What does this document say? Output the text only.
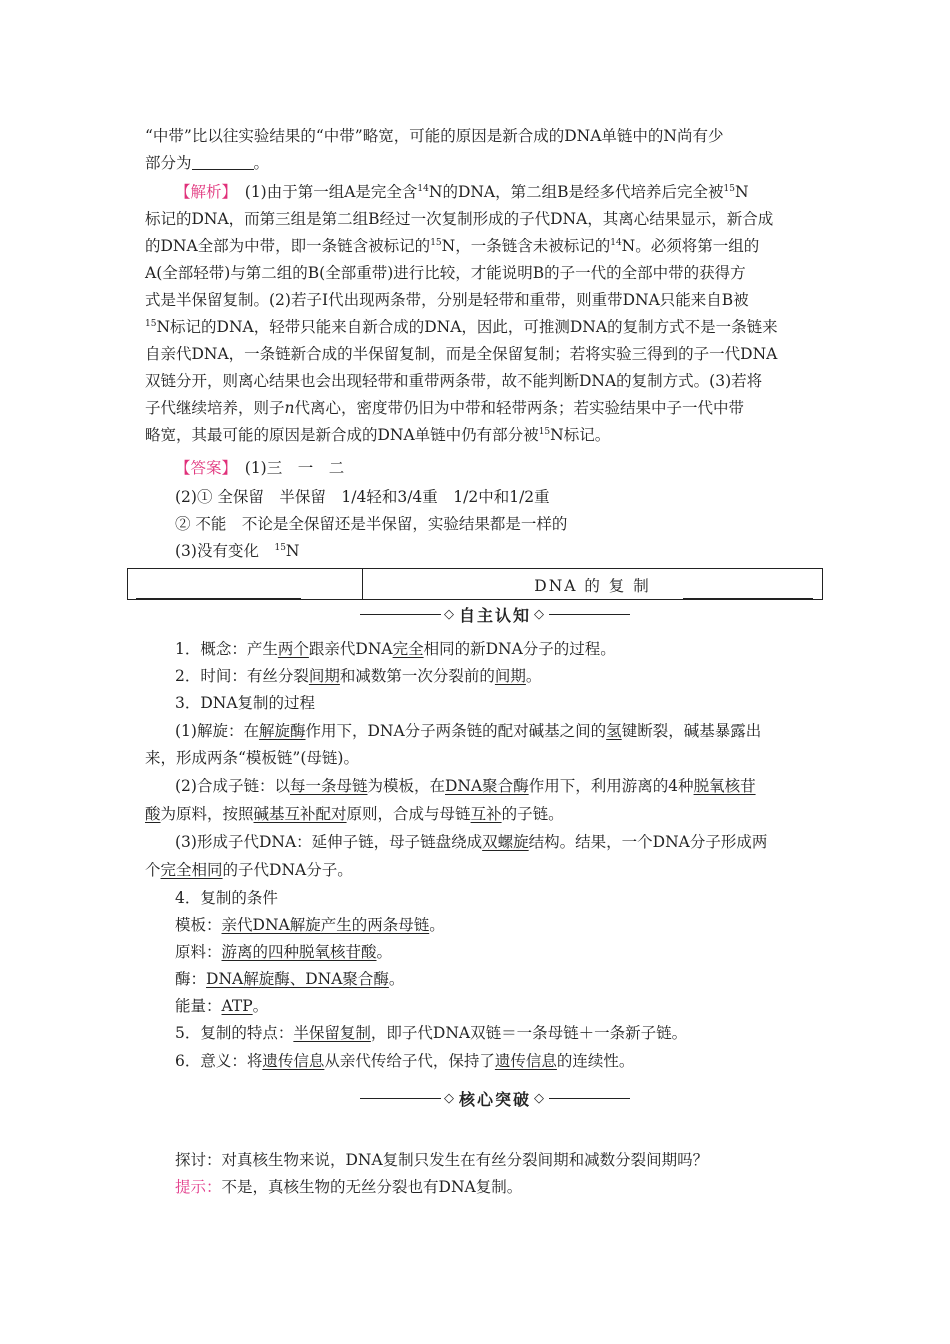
“中带”比以往实验结果的“中带”略宽，可能的原因是新合成的DNA单链中的N尚有少
部分为	。
【解析】　(1)由于第一组A是完全含$^{14}$N的DNA，第二组B是经多代培养后完全被$^{15}$N
标记的DNA，而第三组是第二组B经过一次复制形成的子代DNA，其离心结果显示，新合成
的DNA全部为中带，即一条链含被标记的$^{15}$N，一条链含未被标记的$^{14}$N。必须将第一组的
A(全部轻带)与第二组的B(全部重带)进行比较，才能说明B的子一代的全部中带的获得方
式是半保留复制。(2)若子Ⅰ代出现两条带，分别是轻带和重带，则重带DNA只能来自B被
$^{15}$N标记的DNA，轻带只能来自新合成的DNA，因此，可推测DNA的复制方式不是一条链来
自亲代DNA，一条链新合成的半保留复制，而是全保留复制；若将实验三得到的子一代DNA
双链分开，则离心结果也会出现轻带和重带两条带，故不能判断DNA的复制方式。(3)若将
子代继续培养，则子n代离心，密度带仍旧为中带和轻带两条；若实验结果中子一代中带
略宽，其最可能的原因是新合成的DNA单链中仍有部分被$^{15}$N标记。
【答案】　(1)三　一　二
(2)① 全保留　半保留　1/4轻和3/4重　1/2中和1/2重
② 不能　不论是全保留还是半保留，实验结果都是一样的
(3)没有变化　$^{15}$N
DNA 的 复 制
◇ 自主认知 ◇
1．概念：产生两个跟亲代DNA完全相同的新DNA分子的过程。
2．时间：有丝分裂间期和减数第一次分裂前的间期。
3．DNA复制的过程
(1)解旋：在解旋酶作用下，DNA分子两条链的配对碱基之间的氢键断裂，碱基暴露出
来，形成两条“模板链”(母链)。
(2)合成子链：以每一条母链为模板，在DNA聚合酶作用下，利用游离的4种脱氧核苷
酸为原料，按照碱基互补配对原则，合成与母链互补的子链。
(3)形成子代DNA：延伸子链，母子链盘绕成双螺旋结构。结果，一个DNA分子形成两
个完全相同的子代DNA分子。
4．复制的条件
模板：亲代DNA解旋产生的两条母链。
原料：游离的四种脱氧核苷酸。
酶：DNA解旋酶、DNA聚合酶。
能量：ATP。
5．复制的特点：半保留复制，即子代DNA双链＝一条母链＋一条新子链。
6．意义：将遗传信息从亲代传给子代，保持了遗传信息的连续性。
◇ 核心突破 ◇
探讨：对真核生物来说，DNA复制只发生在有丝分裂间期和减数分裂间期吗？
提示：不是，真核生物的无丝分裂也有DNA复制。
